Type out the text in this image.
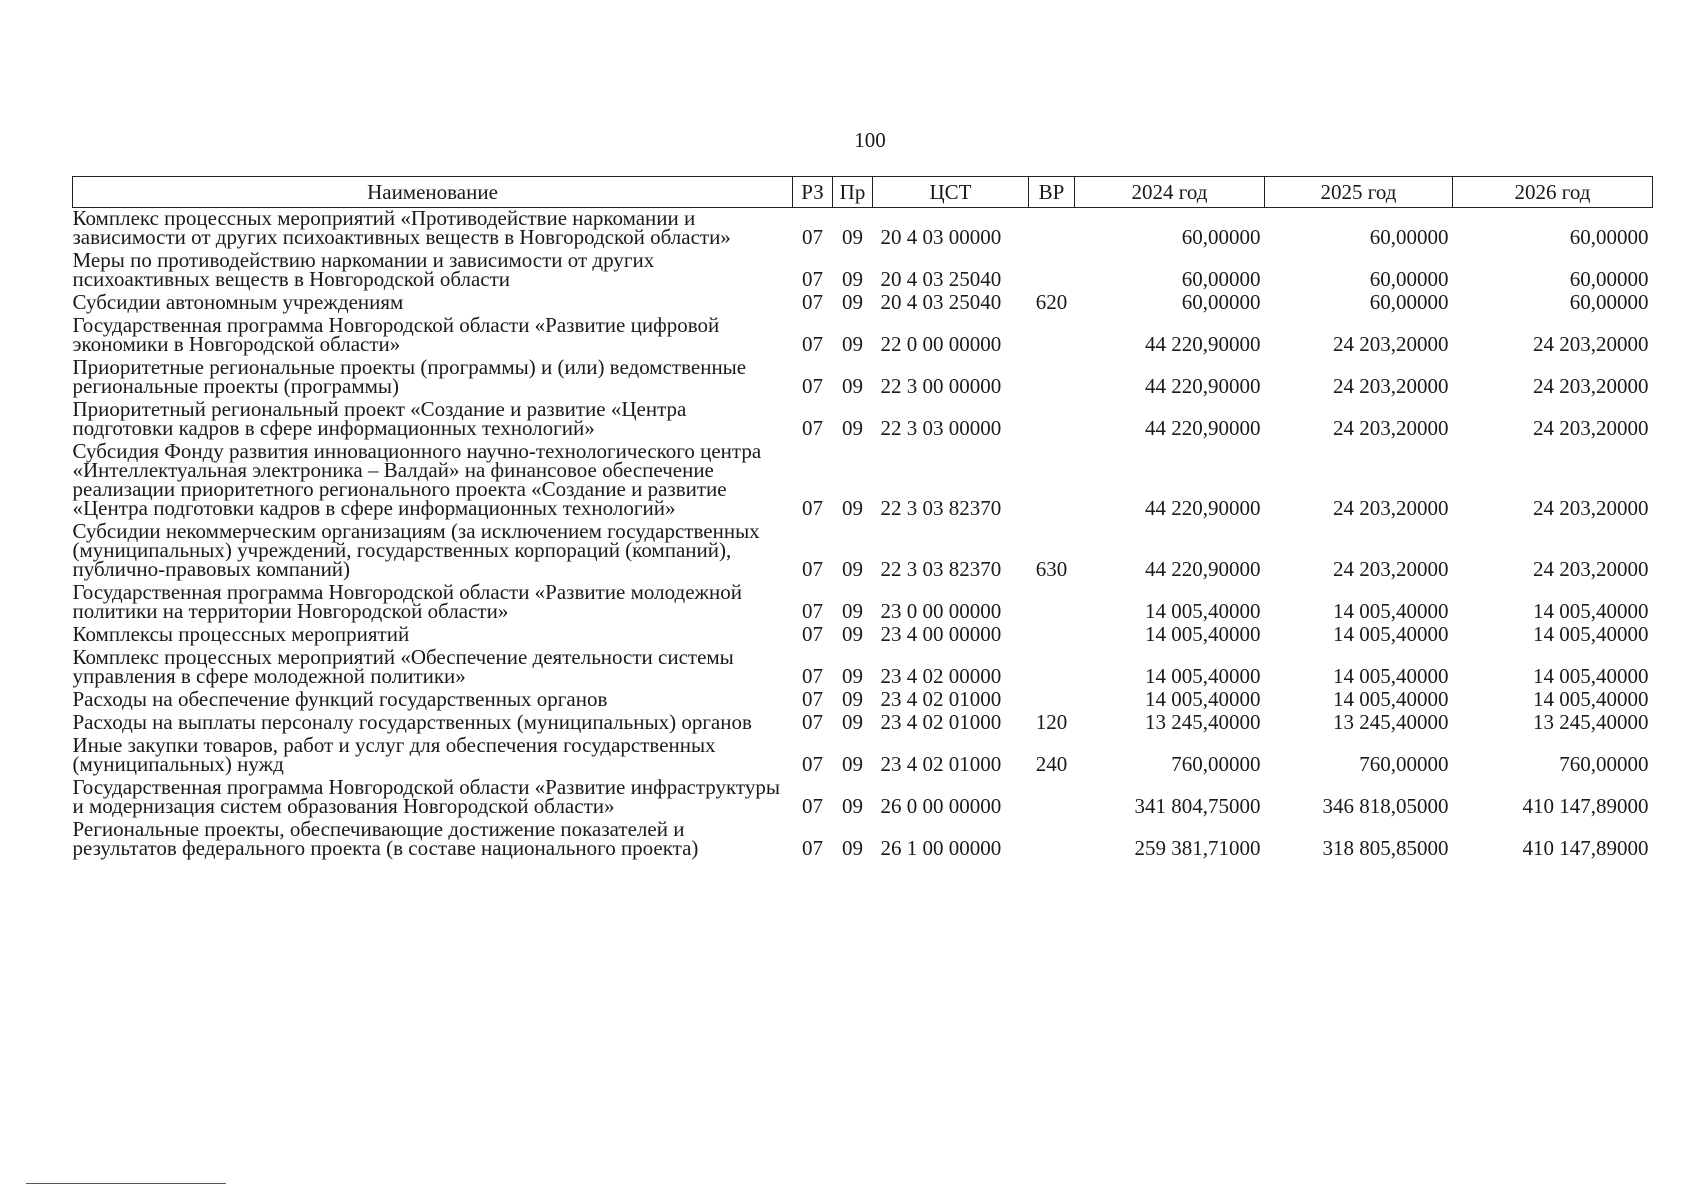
100
Наименование	РЗ	Пр	ЦСТ	ВР	2024 год	2025 год	2026 год
Комплекс процессных мероприятий «Противодействие наркомании и зависимости от других психоактивных веществ в Новгородской области»	07	09	20 4 03 00000		60,00000	60,00000	60,00000
Меры по противодействию наркомании и зависимости от других психоактивных веществ в Новгородской области	07	09	20 4 03 25040		60,00000	60,00000	60,00000
Субсидии автономным учреждениям	07	09	20 4 03 25040	620	60,00000	60,00000	60,00000
Государственная программа Новгородской области «Развитие цифровой экономики в Новгородской области»	07	09	22 0 00 00000		44 220,90000	24 203,20000	24 203,20000
Приоритетные региональные проекты (программы) и (или) ведомственные региональные проекты (программы)	07	09	22 3 00 00000		44 220,90000	24 203,20000	24 203,20000
Приоритетный региональный проект «Создание и развитие «Центра подготовки кадров в сфере информационных технологий»	07	09	22 3 03 00000		44 220,90000	24 203,20000	24 203,20000
Субсидия Фонду развития инновационного научно-технологического центра «Интеллектуальная электроника – Валдай» на финансовое обеспечение реализации приоритетного регионального проекта «Создание и развитие «Центра подготовки кадров в сфере информационных технологий»	07	09	22 3 03 82370		44 220,90000	24 203,20000	24 203,20000
Субсидии некоммерческим организациям (за исключением государственных (муниципальных) учреждений, государственных корпораций (компаний), публично-правовых компаний)	07	09	22 3 03 82370	630	44 220,90000	24 203,20000	24 203,20000
Государственная программа Новгородской области «Развитие молодежной политики на территории Новгородской области»	07	09	23 0 00 00000		14 005,40000	14 005,40000	14 005,40000
Комплексы процессных мероприятий	07	09	23 4 00 00000		14 005,40000	14 005,40000	14 005,40000
Комплекс процессных мероприятий «Обеспечение деятельности системы управления в сфере молодежной политики»	07	09	23 4 02 00000		14 005,40000	14 005,40000	14 005,40000
Расходы на обеспечение функций государственных органов	07	09	23 4 02 01000		14 005,40000	14 005,40000	14 005,40000
Расходы на выплаты персоналу государственных (муниципальных) органов	07	09	23 4 02 01000	120	13 245,40000	13 245,40000	13 245,40000
Иные закупки товаров, работ и услуг для обеспечения государственных (муниципальных) нужд	07	09	23 4 02 01000	240	760,00000	760,00000	760,00000
Государственная программа Новгородской области «Развитие инфраструктуры и модернизация систем образования Новгородской области»	07	09	26 0 00 00000		341 804,75000	346 818,05000	410 147,89000
Региональные проекты, обеспечивающие достижение показателей и результатов федерального проекта (в составе национального проекта)	07	09	26 1 00 00000		259 381,71000	318 805,85000	410 147,89000
